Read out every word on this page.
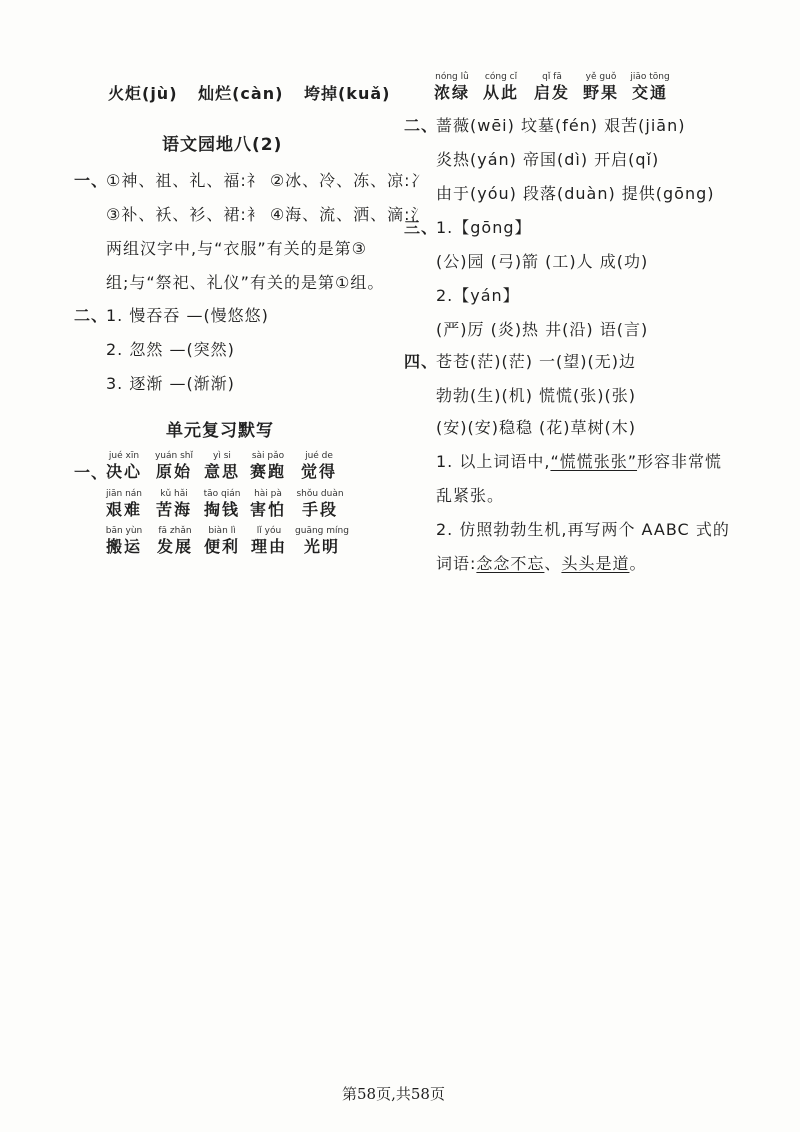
火炬(jù) 灿烂(càn) 垮掉(kuǎ)
语文园地八(2)
一、
①神、祖、礼、福:礻 ②冰、冷、冻、凉:冫
③补、袄、衫、裙:衤 ④海、流、洒、滴:氵
两组汉字中,与“衣服”有关的是第③
组;与“祭祀、礼仪”有关的是第①组。
二、
1. 慢吞吞 —(慢悠悠)
2. 忽然 —(突然)
3. 逐渐 —(渐渐)
单元复习默写
一、
jué xīn
决心
yuán shǐ
原始
yì si
意思
sài pǎo
赛跑
jué de
觉得
jiān nán
艰难
kǔ hǎi
苦海
tāo qián
掏钱
hài pà
害怕
shǒu duàn
手段
bān yùn
搬运
fā zhǎn
发展
biàn lì
便利
lǐ yóu
理由
guāng míng
光明
nóng lǜ
浓绿
cóng cǐ
从此
qǐ fā
启发
yě guǒ
野果
jiāo tōng
交通
二、
蔷薇(wēi) 坟墓(fén) 艰苦(jiān)
炎热(yán) 帝国(dì) 开启(qǐ)
由于(yóu) 段落(duàn) 提供(gōng)
三、
1.【gōng】
(公)园 (弓)箭 (工)人 成(功)
2.【yán】
(严)厉 (炎)热 井(沿) 语(言)
四、
苍苍(茫)(茫) 一(望)(无)边
勃勃(生)(机) 慌慌(张)(张)
(安)(安)稳稳 (花)草树(木)
1. 以上词语中,“慌慌张张”形容非常慌
乱紧张。
2. 仿照勃勃生机,再写两个 AABC 式的
词语:念念不忘、头头是道。
第58页,共58页
